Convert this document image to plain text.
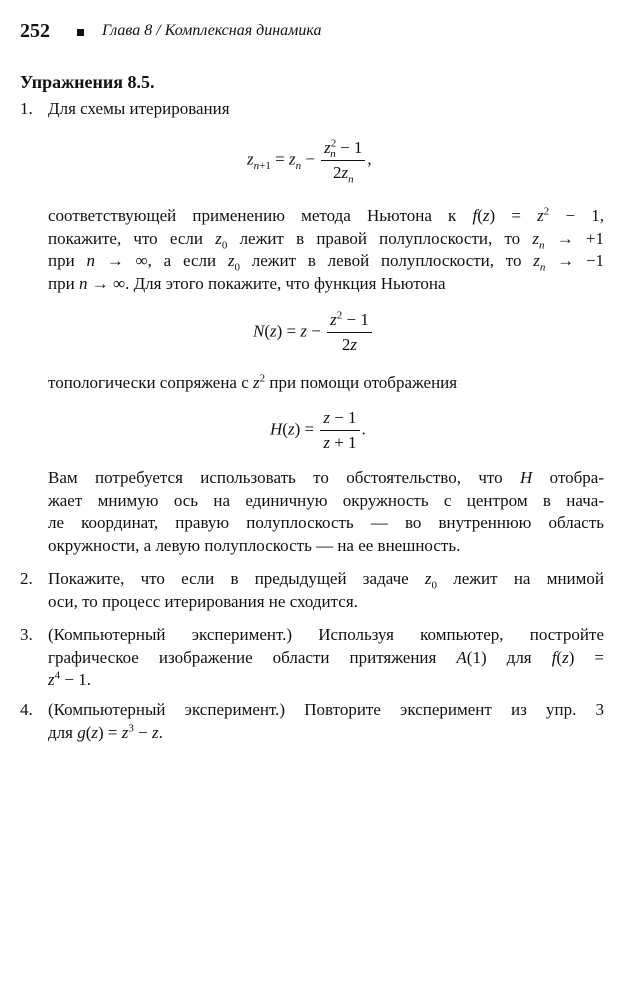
252	Глава 8 / Комплексная динамика
Упражнения 8.5.
1. Для схемы итерирования
$z_{n+1} = z_n - \frac{z^2_n - 1}{2z_n}$ ,
соответствующей применению метода Ньютона к $f(z) = z^2 - 1$,
покажите, что если $z_0$ лежит в правой полуплоскости, то $z_n \to +1$
при n → ∞, а если $z_0$ лежит в левой полуплоскости, то $z_n \to -1$
при n → ∞. Для этого покажите, что функция Ньютона
$N(z) = z - \frac{z^2 - 1}{2z}$
топологически сопряжена с $z^2$ при помощи отображения
$H(z) = \frac{z - 1}{z + 1}$ .
Вам потребуется использовать то обстоятельство, что H отобра-
жает мнимую ось на единичную окружность с центром в нача-
ле координат, правую полуплоскость — во внутреннюю область
окружности, а левую полуплоскость — на ее внешность.
2. Покажите, что если в предыдущей задаче $z_0$ лежит на мнимой
оси, то процесс итерирования не сходится.
3. (Компьютерный эксперимент.) Используя компьютер, постройте
графическое изображение области притяжения A(1) для f(z) =
$z^4 - 1$.
4. (Компьютерный эксперимент.) Повторите эксперимент из упр. 3
для $g(z) = z^3 - z$.
